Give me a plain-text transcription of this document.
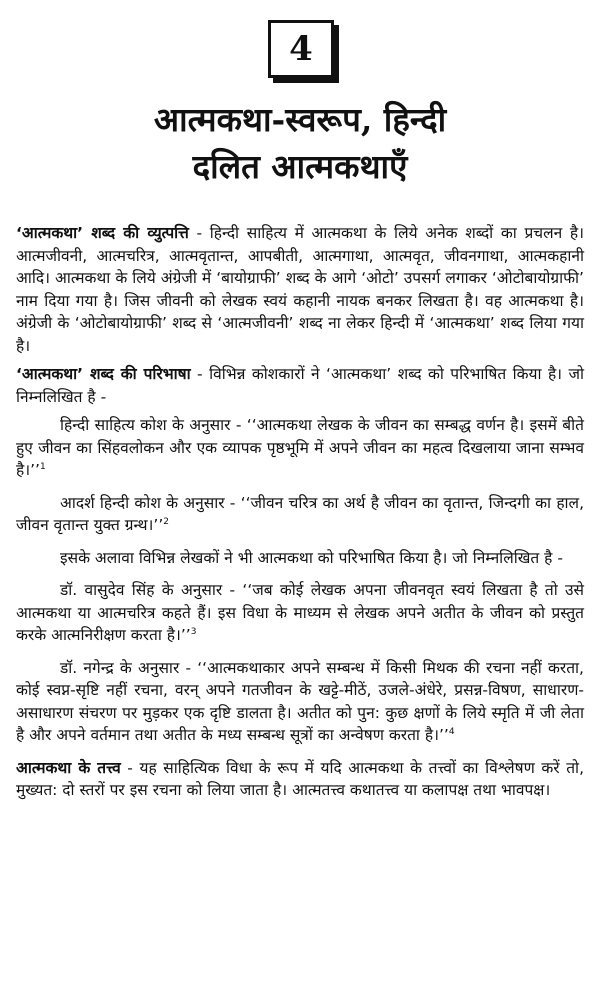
4
आत्मकथा-स्वरूप, हिन्दी
दलित आत्मकथाएँ

‘आत्मकथा’ शब्द की व्युत्पत्ति - हिन्दी साहित्य में आत्मकथा के लिये अनेक शब्दों का प्रचलन है। आत्मजीवनी, आत्मचरित्र, आत्मवृतान्त, आपबीती, आत्मगाथा, आत्मवृत, जीवनगाथा, आत्मकहानी आदि। आत्मकथा के लिये अंग्रेजी में ‘बायोग्राफी’ शब्द के आगे ‘ओटो’ उपसर्ग लगाकर ‘ओटोबायोग्राफी’ नाम दिया गया है। जिस जीवनी को लेखक स्वयं कहानी नायक बनकर लिखता है। वह आत्मकथा है। अंग्रेजी के ‘ओटोबायोग्राफी’ शब्द से ‘आत्मजीवनी’ शब्द ना लेकर हिन्दी में ‘आत्मकथा’ शब्द लिया गया है।

‘आत्मकथा’ शब्द की परिभाषा - विभिन्न कोशकारों ने ‘आत्मकथा’ शब्द को परिभाषित किया है। जो निम्नलिखित है -

हिन्दी साहित्य कोश के अनुसार - ‘‘आत्मकथा लेखक के जीवन का सम्बद्ध वर्णन है। इसमें बीते हुए जीवन का सिंहवलोकन और एक व्यापक पृष्ठभूमि में अपने जीवन का महत्व दिखलाया जाना सम्भव है।’’$^1$

आदर्श हिन्दी कोश के अनुसार - ‘‘जीवन चरित्र का अर्थ है जीवन का वृतान्त, जिन्दगी का हाल, जीवन वृतान्त युक्त ग्रन्थ।’’$^2$

इसके अलावा विभिन्न लेखकों ने भी आत्मकथा को परिभाषित किया है। जो निम्नलिखित है -

डॉ. वासुदेव सिंह के अनुसार - ‘‘जब कोई लेखक अपना जीवनवृत स्वयं लिखता है तो उसे आत्मकथा या आत्मचरित्र कहते हैं। इस विधा के माध्यम से लेखक अपने अतीत के जीवन को प्रस्तुत करके आत्मनिरीक्षण करता है।’’$^3$

डॉ. नगेन्द्र के अनुसार - ‘‘आत्मकथाकार अपने सम्बन्ध में किसी मिथक की रचना नहीं करता, कोई स्वप्न-सृष्टि नहीं रचना, वरन् अपने गतजीवन के खट्टे-मीठें, उजले-अंधेरे, प्रसन्न-विषण, साधारण-असाधारण संचरण पर मुड़कर एक दृष्टि डालता है। अतीत को पुन: कुछ क्षणों के लिये स्मृति में जी लेता है और अपने वर्तमान तथा अतीत के मध्य सम्बन्ध सूत्रों का अन्वेषण करता है।’’$^4$

आत्मकथा के तत्त्व - यह साहित्यिक विधा के रूप में यदि आत्मकथा के तत्त्वों का विश्लेषण करें तो, मुख्यत: दो स्तरों पर इस रचना को लिया जाता है। आत्मतत्त्व कथातत्त्व या कलापक्ष तथा भावपक्ष।
